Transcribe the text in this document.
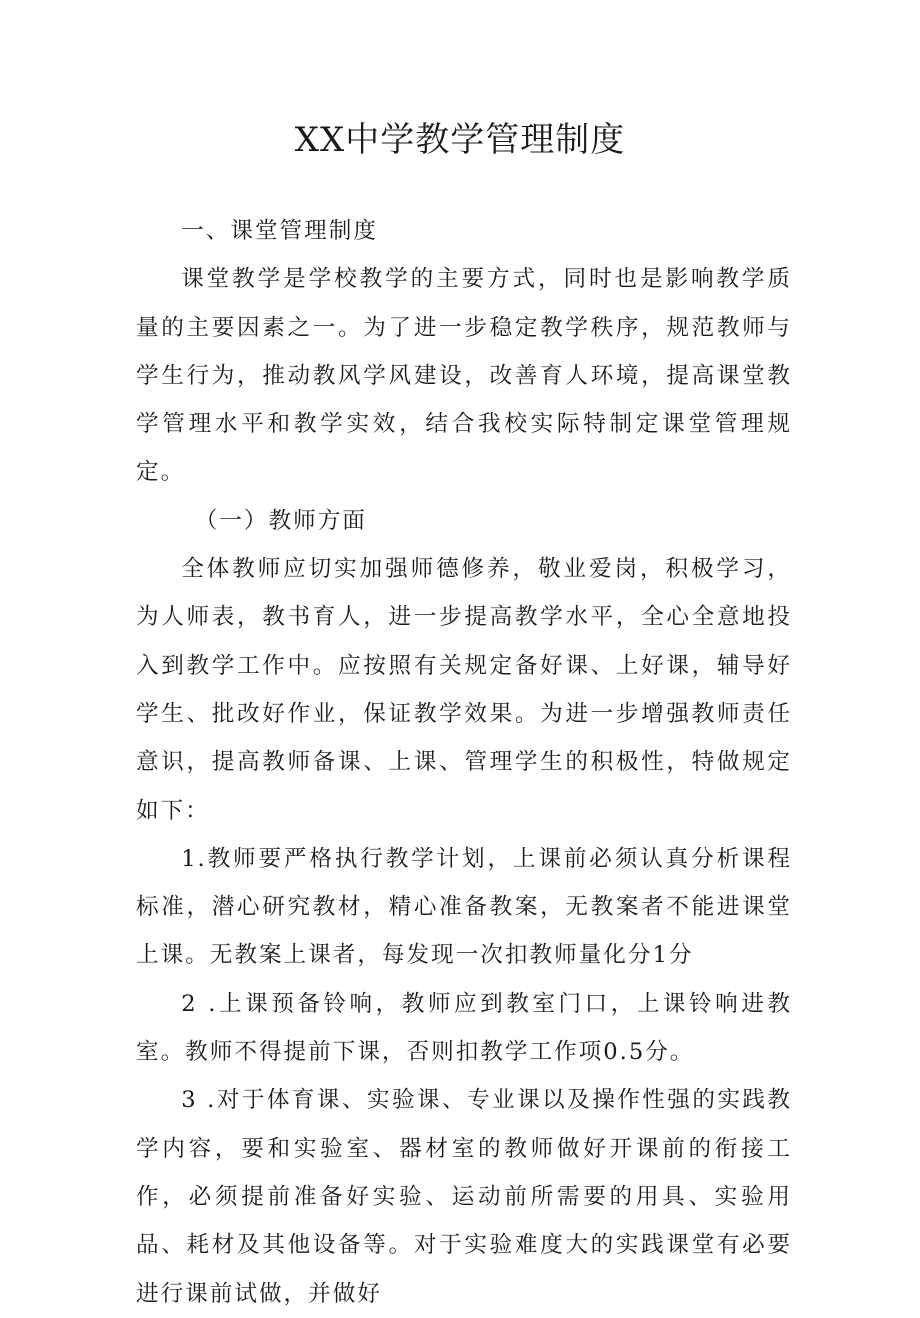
XX中学教学管理制度

一、课堂管理制度

课堂教学是学校教学的主要方式，同时也是影响教学质量的主要因素之一。为了进一步稳定教学秩序，规范教师与学生行为，推动教风学风建设，改善育人环境，提高课堂教学管理水平和教学实效，结合我校实际特制定课堂管理规定。

（一）教师方面

全体教师应切实加强师德修养，敬业爱岗，积极学习，为人师表，教书育人，进一步提高教学水平，全心全意地投入到教学工作中。应按照有关规定备好课、上好课，辅导好学生、批改好作业，保证教学效果。为进一步增强教师责任意识，提高教师备课、上课、管理学生的积极性，特做规定如下：

1.教师要严格执行教学计划，上课前必须认真分析课程标准，潜心研究教材，精心准备教案，无教案者不能进课堂上课。无教案上课者，每发现一次扣教师量化分1分

2 .上课预备铃响，教师应到教室门口，上课铃响进教室。教师不得提前下课，否则扣教学工作项0.5分。

3 .对于体育课、实验课、专业课以及操作性强的实践教学内容，要和实验室、器材室的教师做好开课前的衔接工作，必须提前准备好实验、运动前所需要的用具、实验用品、耗材及其他设备等。对于实验难度大的实践课堂有必要进行课前试做，并做好
